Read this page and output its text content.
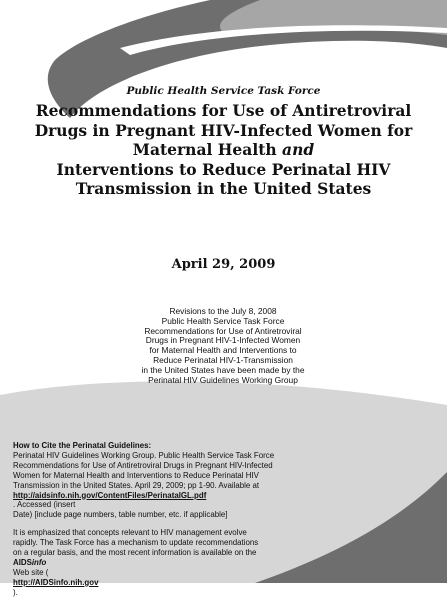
Public Health Service Task Force
Recommendations for Use of Antiretroviral
Drugs in Pregnant HIV-Infected Women for
Maternal Health and
Interventions to Reduce Perinatal HIV
Transmission in the United States
April 29, 2009
Revisions to the July 8, 2008
Public Health Service Task Force
Recommendations for Use of Antiretroviral
Drugs in Pregnant HIV-1-Infected Women
for Maternal Health and Interventions to
Reduce Perinatal HIV-1-Transmission
in the United States have been made by the
Perinatal HIV Guidelines Working Group
How to Cite the Perinatal Guidelines:
Perinatal HIV Guidelines Working Group. Public Health Service Task Force
Recommendations for Use of Antiretroviral Drugs in Pregnant HIV-Infected
Women for Maternal Health and Interventions to Reduce Perinatal HIV
Transmission in the United States. April 29, 2009; pp 1-90. Available at
http://aidsinfo.nih.gov/ContentFiles/PerinatalGL.pdf
. Accessed (insert
Date) [include page numbers, table number, etc. if applicable]
It is emphasized that concepts relevant to HIV management evolve
rapidly. The Task Force has a mechanism to update recommendations
on a regular basis, and the most recent information is available on the
AIDSinfo
Web site (
http://AIDSinfo.nih.gov
).
